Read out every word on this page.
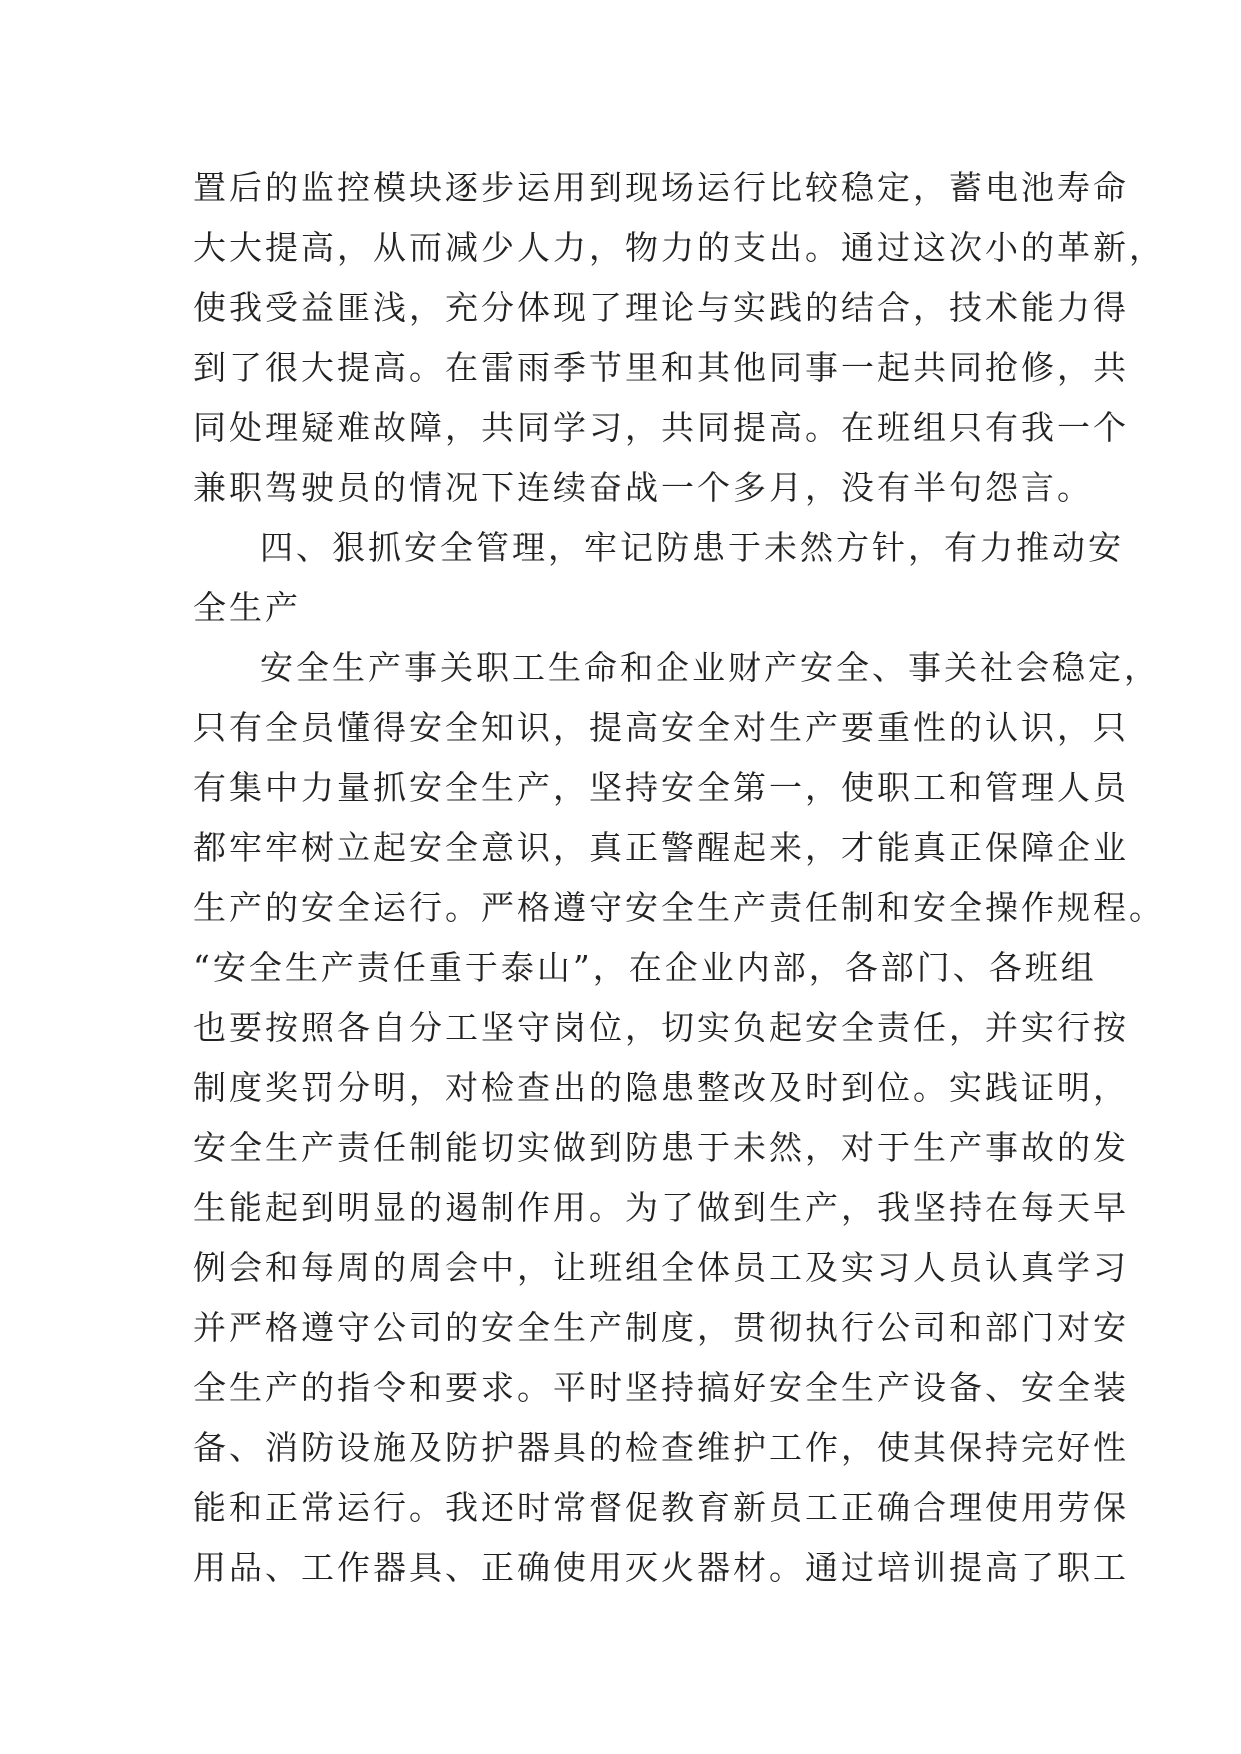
置后的监控模块逐步运用到现场运行比较稳定，蓄电池寿命
大大提高，从而减少人力，物力的支出。通过这次小的革新，
使我受益匪浅，充分体现了理论与实践的结合，技术能力得
到了很大提高。在雷雨季节里和其他同事一起共同抢修，共
同处理疑难故障，共同学习，共同提高。在班组只有我一个
兼职驾驶员的情况下连续奋战一个多月，没有半句怨言。
四、狠抓安全管理，牢记防患于未然方针，有力推动安
全生产
安全生产事关职工生命和企业财产安全、事关社会稳定，
只有全员懂得安全知识，提高安全对生产要重性的认识，只
有集中力量抓安全生产，坚持安全第一，使职工和管理人员
都牢牢树立起安全意识，真正警醒起来，才能真正保障企业
生产的安全运行。严格遵守安全生产责任制和安全操作规程。
“安全生产责任重于泰山”，在企业内部，各部门、各班组
也要按照各自分工坚守岗位，切实负起安全责任，并实行按
制度奖罚分明，对检查出的隐患整改及时到位。实践证明，
安全生产责任制能切实做到防患于未然，对于生产事故的发
生能起到明显的遏制作用。为了做到生产，我坚持在每天早
例会和每周的周会中，让班组全体员工及实习人员认真学习
并严格遵守公司的安全生产制度，贯彻执行公司和部门对安
全生产的指令和要求。平时坚持搞好安全生产设备、安全装
备、消防设施及防护器具的检查维护工作，使其保持完好性
能和正常运行。我还时常督促教育新员工正确合理使用劳保
用品、工作器具、正确使用灭火器材。通过培训提高了职工
